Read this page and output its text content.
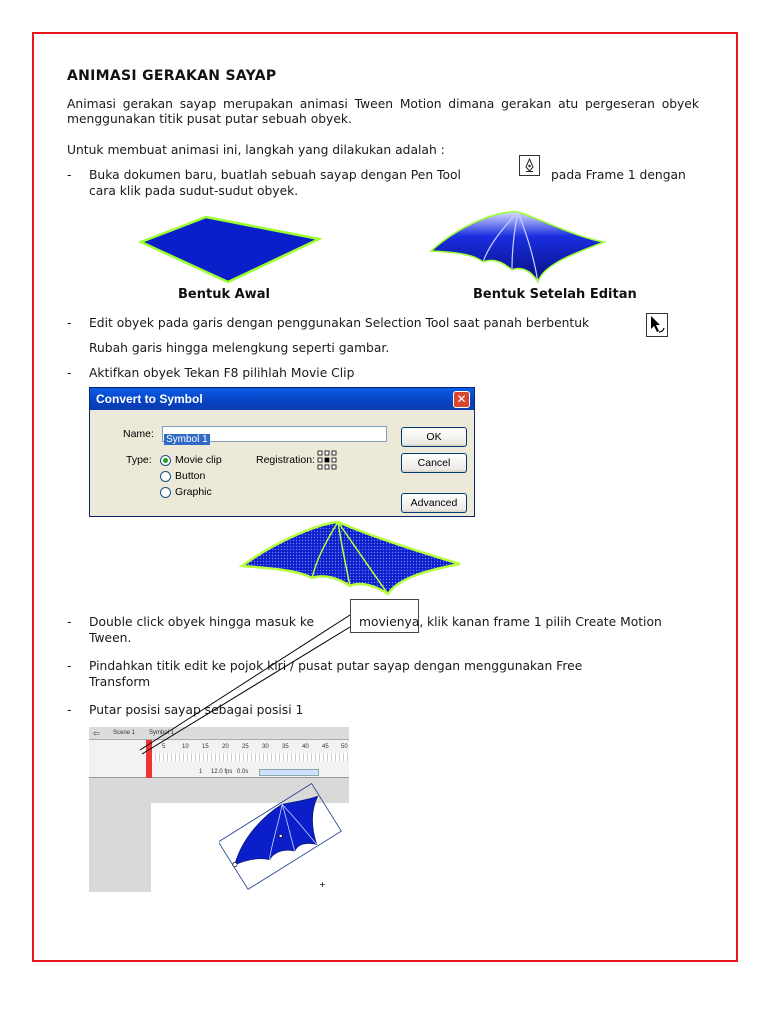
ANIMASI GERAKAN SAYAP
Animasi gerakan sayap merupakan animasi Tween Motion dimana gerakan atu pergeseran obyek menggunakan titik pusat putar sebuah obyek.
Untuk membuat animasi ini, langkah yang dilakukan adalah :
- Buka dokumen baru, buatlah sebuah sayap dengan Pen Tool	pada Frame 1 dengan
cara klik pada sudut-sudut obyek.
Bentuk Awal	Bentuk Setelah Editan
- Edit obyek pada garis dengan penggunakan Selection Tool saat panah berbentuk
Rubah garis hingga melengkung seperti gambar.
- Aktifkan obyek Tekan F8 pilihlah Movie Clip
Convert to Symbol	✕
Name:	Symbol 1
Type: Movie clip
Button
Graphic
Registration:
OK
Cancel
Advanced
- Double click obyek hingga masuk ke	movienya, klik kanan frame 1 pilih Create Motion
Tween.
- Pindahkan titik edit ke pojok kiri / pusat putar sayap dengan menggunakan Free
Transform
- Putar posisi sayap sebagai posisi 1
⇦ Scene 1 Symbol 1
5	10 15 20 25 30 35 40 45 50
1 12.0 fps 0.0s
+
